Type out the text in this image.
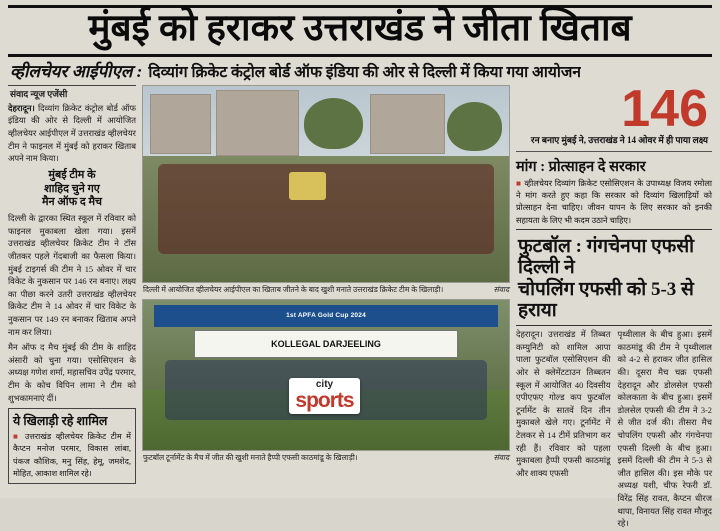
मुंबई को हराकर उत्तराखंड ने जीता खिताब
व्हीलचेयर आईपीएल : दिव्यांग क्रिकेट कंट्रोल बोर्ड ऑफ इंडिया की ओर से दिल्ली में किया गया आयोजन
संवाद न्यूज एजेंसी
देहरादून। दिव्यांग क्रिकेट कंट्रोल बोर्ड ऑफ इंडिया की ओर से दिल्ली में आयोजित व्हीलचेयर आईपीएल में उत्तराखंड व्हीलचेयर टीम ने फाइनल में मुंबई को हराकर खिताब अपने नाम किया।
मुंबई टीम के
शाहिद चुने गए
मैन ऑफ द मैच
दिल्ली के द्वारका स्थित स्कूल में रविवार को फाइनल मुकाबला खेला गया। इसमें उत्तराखंड व्हीलचेयर क्रिकेट टीम ने टॉस जीतकर पहले गेंदबाजी का फैसला किया। मुंबई टाइगर्स की टीम ने 15 ओवर में चार विकेट के नुकसान पर 146 रन बनाए। लक्ष्य का पीछा करने उतरी उत्तराखंड व्हीलचेयर क्रिकेट टीम ने 14 ओवर में चार विकेट के नुकसान पर 149 रन बनाकर खिताब अपने नाम कर लिया।
मैन ऑफ द मैच मुंबई की टीम के शाहिद अंसारी को चुना गया। एसोसिएशन के अध्यक्ष गणेश शर्मा, महासचिव उपेंद्र परमार, टीम के कोच विपिन लामा ने टीम को शुभकामनाएं दीं।
ये खिलाड़ी रहे शामिल
■ उत्तराखंड व्हीलचेयर क्रिकेट टीम में कैप्टन मनोज परमार, विकास लांबा, पंकज कौशिक, मनु सिंह, हेमू, जमशेद, मोहित, आकाश शामिल रहे।
दिल्ली में आयोजित व्हीलचेयर आईपीएल का खिताब जीतने के बाद खुशी मनाते उत्तराखंड क्रिकेट टीम के खिलाड़ी।	संवाद
1st APFA Gold Cup 2024
KOLLEGAL DARJEELING
city
sports
फुटबॉल टूर्नामेंट के मैच में जीत की खुशी मनाते हैप्पी एफसी काठमांडू के खिलाड़ी।	संवाद
146
रन बनाए मुंबई ने, उत्तराखंड ने 14 ओवर में ही पाया लक्ष्य
मांग : प्रोत्साहन दे सरकार
■ व्हीलचेयर दिव्यांग क्रिकेट एसोसिएशन के उपाध्यक्ष विजय रमोला ने मांग करते हुए कहा कि सरकार को दिव्यांग खिलाड़ियों को प्रोत्साहन देना चाहिए। जीवन यापन के लिए सरकार को इनकी सहायता के लिए भी कदम उठाने चाहिए।
फुटबॉल : गंगचेनपा एफसी दिल्ली ने
चोपलिंग एफसी को 5-3 से हराया
देहरादून। उत्तराखंड में तिब्बत कम्युनिटी को शामिल आपा पाला फुटबॉल एसोसिएशन की ओर से क्लेमेंटटाउन तिब्बतन स्कूल में आयोजित 40 दिवसीय एपीएफए गोल्ड कप फुटबॉल टूर्नामेंट के सातवें दिन तीन मुकाबले खेले गए। टूर्नामेंट में टेलकर से 14 टीमें प्रतिभाग कर रही हैं। रविवार को पहला मुकाबला हैप्पी एफसी काठमांडू और शाक्य एफसी
पृथ्वीलाल के बीच हुआ। इसमें काठमांडू की टीम ने पृथ्वीलाल को 4-2 से हराकर जीत हासिल की। दूसरा मैच चक्र एफसी देहरादून और डोलसेल एफसी कोलकाता के बीच हुआ। इसमें डोलसेल एफसी की टीम ने 3-2 से जीत दर्ज की। तीसरा मैच चोपलिंग एफसी और गंगचेनपा एफसी दिल्ली के बीच हुआ। इसमें दिल्ली की टीम ने 5-3 से जीत हासिल की। इस मौके पर अध्यक्ष यशी, चीफ रेफरी डॉ. विरेंद्र सिंह रावत, कैप्टन धीरज थापा, विनायत सिंह रावत मौजूद रहे।
